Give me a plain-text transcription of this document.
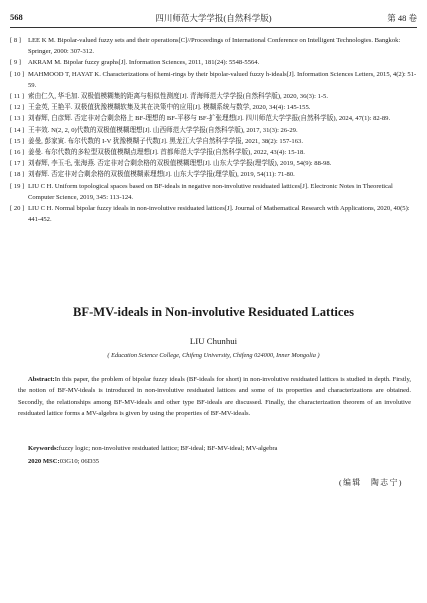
568	四川师范大学学报(自然科学版)	第 48 卷
[ 8 ] LEE K M. Bipolar-valued fuzzy sets and their operations[C]//Proceedings of International Conference on Intelligent Technologies. Bangkok: Springer, 2000: 307-312.
[ 9 ] AKRAM M. Bipolar fuzzy graphs[J]. Information Sciences, 2011, 181(24): 5548-5564.
[ 10 ] MAHMOOD T, HAYAT K. Characterizations of hemi-rings by their bipolar-valued fuzzy h-ideals[J]. Information Sciences Letters, 2015, 4(2): 51-59.
[ 11 ] 索由仁久, 华毛加. 双极值模糊集的距离与相似性测度[J]. 青海师范大学学报(自然科学版), 2020, 36(3): 1-5.
[ 12 ] 王金英, 王艳平. 双极值犹豫模糊软集及其在决策中的应用[J]. 模糊系统与数学, 2020, 34(4): 145-155.
[ 13 ] 刘春辉, 白彦辉. 否定非对合剩余格上 BF-理想的 BF-平移与 BF-扩张理想[J]. 四川师范大学学报(自然科学版), 2024, 47(1): 82-89.
[ 14 ] 王丰效. N(2, 2, 0)代数的双极值模糊理想[J]. 山西师范大学学报(自然科学版), 2017, 31(3): 26-29.
[ 15 ] 姜曼, 彭家寅. 布尔代数的 I-V 犹豫模糊子代数[J]. 黑龙江大学自然科学学报, 2021, 38(2): 157-163.
[ 16 ] 姜曼. 布尔代数的多粒型双极值模糊点理想[J]. 首都师范大学学报(自然科学版), 2022, 43(4): 15-18.
[ 17 ] 刘春辉, 李玉毛, 张海燕. 否定非对合剩余格的双极值模糊理想[J]. 山东大学学报(理学版), 2019, 54(9): 88-98.
[ 18 ] 刘春辉. 否定非对合剩余格的双极值模糊素理想[J]. 山东大学学报(理学版), 2019, 54(11): 71-80.
[ 19 ] LIU C H. Uniform topological spaces based on BF-ideals in negative non-involutive residuated lattices[J]. Electronic Notes in Theoretical Computer Science, 2019, 345: 113-124.
[ 20 ] LIU C H. Normal bipolar fuzzy ideals in non-involutive residuated lattices[J]. Journal of Mathematical Research with Applications, 2020, 40(5): 441-452.
BF-MV-ideals in Non-involutive Residuated Lattices
LIU Chunhui
( Education Science College, Chifeng University, Chifeng 024000, Inner Mongolia )
Abstract:In this paper, the problem of bipolar fuzzy ideals (BF-ideals for short) in non-involutive residuated lattices is studied in depth. Firstly, the notion of BF-MV-ideals is introduced in non-involutive residuated lattices and some of its properties and characterizations are obtained. Secondly, the relationships among BF-MV-ideals and other type BF-ideals are discussed. Finally, the characterization theorem of an involutive residuated lattice forms a MV-algebra is given by using the properties of BF-MV-ideals.
Keywords:fuzzy logic; non-involutive residuated lattice; BF-ideal; BF-MV-ideal; MV-algebra
2020 MSC:03G10; 06D35
(编辑　陶志宁)
